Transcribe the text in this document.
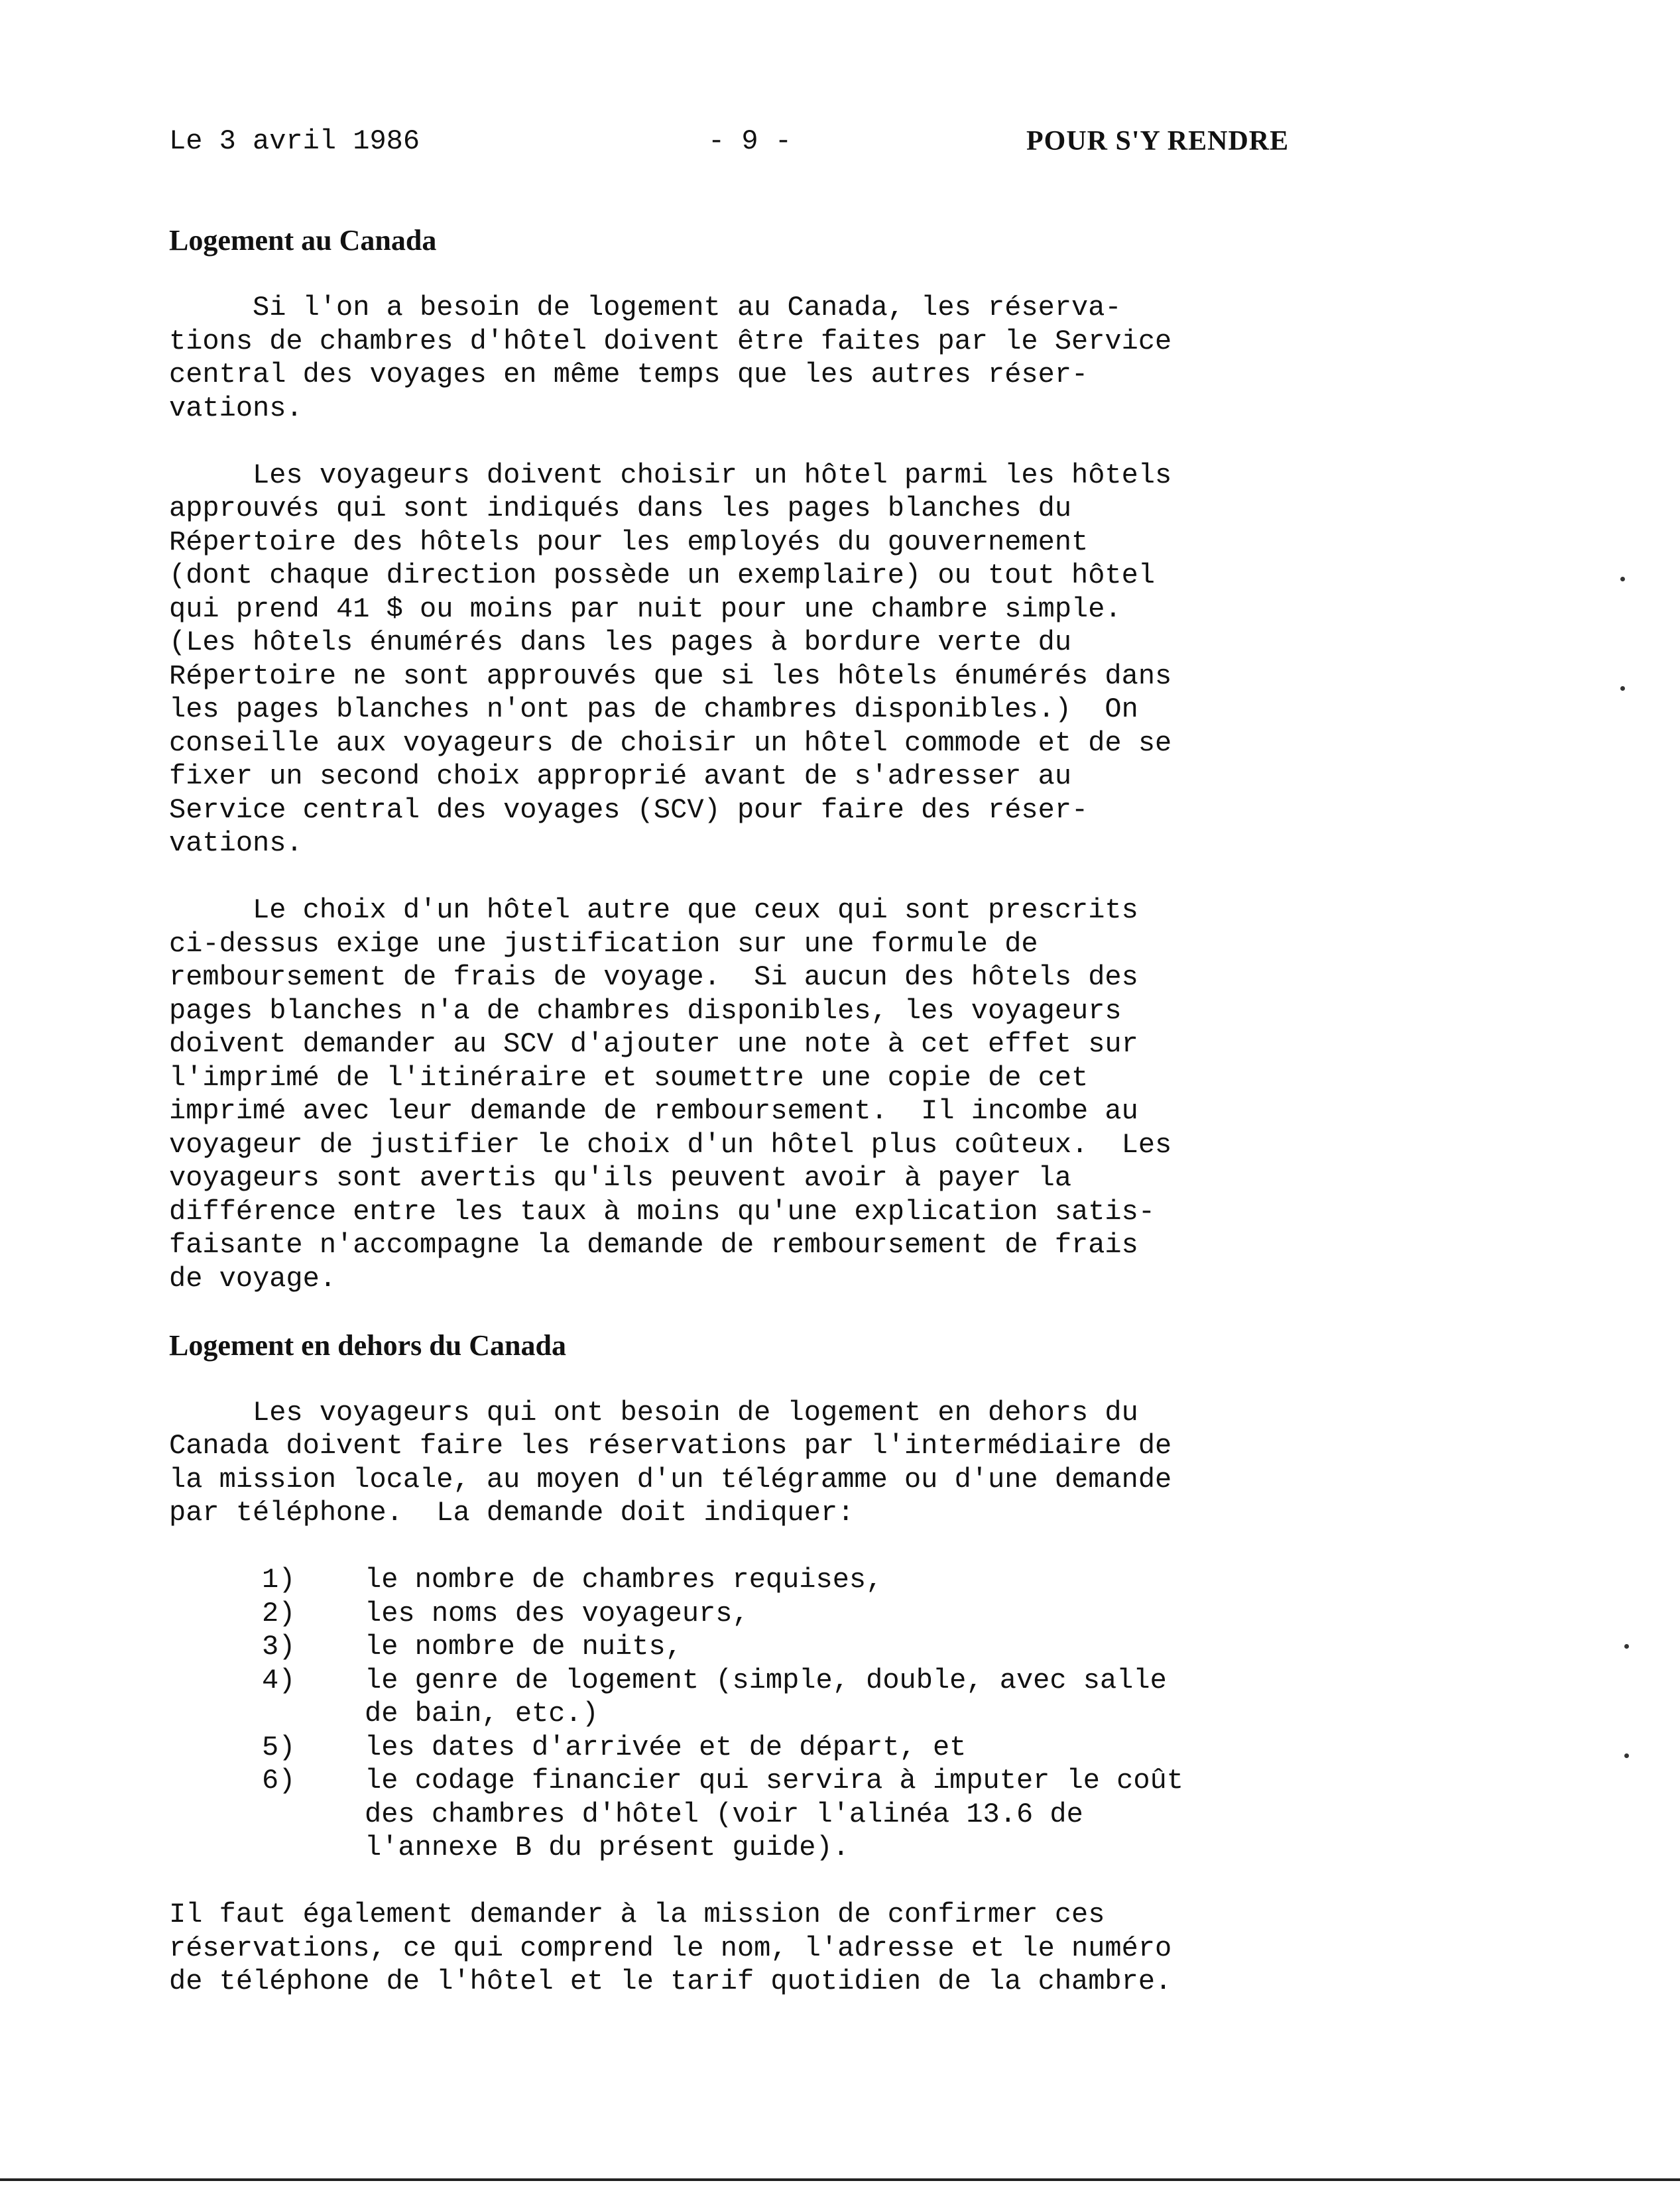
Le 3 avril 1986	- 9 -	POUR S'Y RENDRE
Logement au Canada

Si l'on a besoin de logement au Canada, les réserva-
tions de chambres d'hôtel doivent être faites par le Service
central des voyages en même temps que les autres réser-
vations.

Les voyageurs doivent choisir un hôtel parmi les hôtels
approuvés qui sont indiqués dans les pages blanches du
Répertoire des hôtels pour les employés du gouvernement
(dont chaque direction possède un exemplaire) ou tout hôtel
qui prend 41 $ ou moins par nuit pour une chambre simple.
(Les hôtels énumérés dans les pages à bordure verte du
Répertoire ne sont approuvés que si les hôtels énumérés dans
les pages blanches n'ont pas de chambres disponibles.)  On
conseille aux voyageurs de choisir un hôtel commode et de se
fixer un second choix approprié avant de s'adresser au
Service central des voyages (SCV) pour faire des réser-
vations.

Le choix d'un hôtel autre que ceux qui sont prescrits
ci-dessus exige une justification sur une formule de
remboursement de frais de voyage.  Si aucun des hôtels des
pages blanches n'a de chambres disponibles, les voyageurs
doivent demander au SCV d'ajouter une note à cet effet sur
l'imprimé de l'itinéraire et soumettre une copie de cet
imprimé avec leur demande de remboursement.  Il incombe au
voyageur de justifier le choix d'un hôtel plus coûteux.  Les
voyageurs sont avertis qu'ils peuvent avoir à payer la
différence entre les taux à moins qu'une explication satis-
faisante n'accompagne la demande de remboursement de frais
de voyage.

Logement en dehors du Canada

Les voyageurs qui ont besoin de logement en dehors du
Canada doivent faire les réservations par l'intermédiaire de
la mission locale, au moyen d'un télégramme ou d'une demande
par téléphone.  La demande doit indiquer:

1)	le nombre de chambres requises,
2)	les noms des voyageurs,
3)	le nombre de nuits,
4)	le genre de logement (simple, double, avec salle
de bain, etc.)
5)	les dates d'arrivée et de départ, et
6)	le codage financier qui servira à imputer le coût
des chambres d'hôtel (voir l'alinéa 13.6 de
l'annexe B du présent guide).

Il faut également demander à la mission de confirmer ces
réservations, ce qui comprend le nom, l'adresse et le numéro
de téléphone de l'hôtel et le tarif quotidien de la chambre.
